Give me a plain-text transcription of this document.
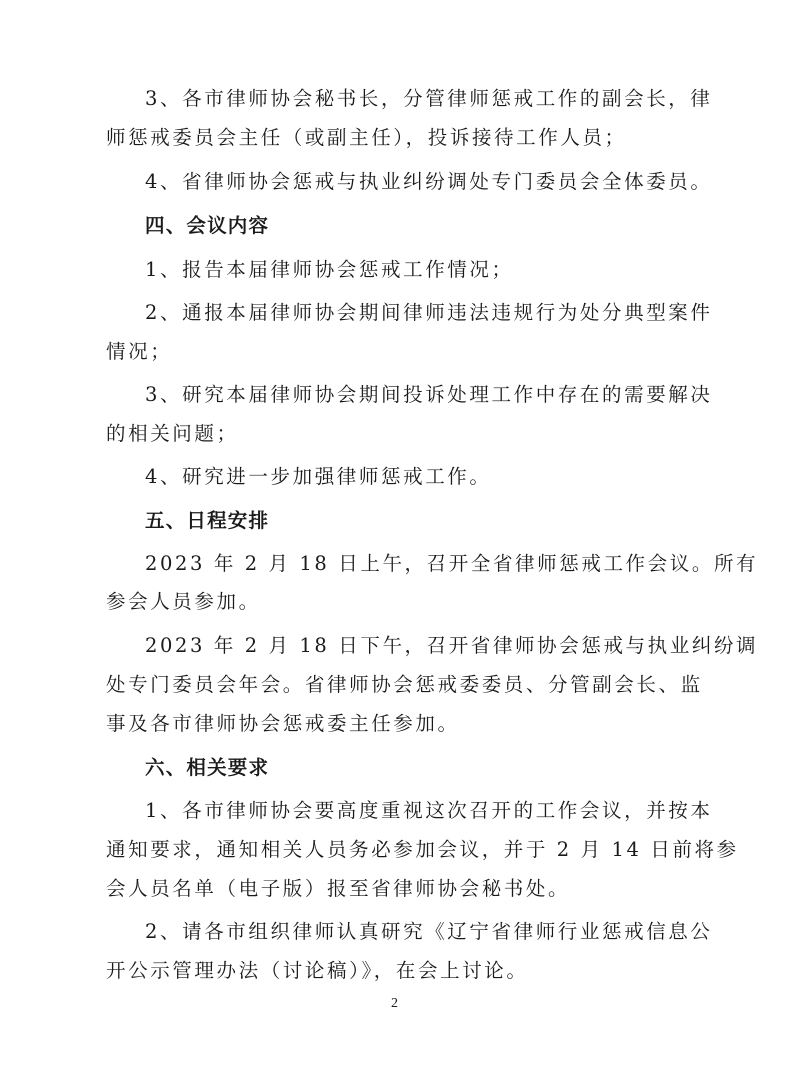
3、各市律师协会秘书长，分管律师惩戒工作的副会长，律
师惩戒委员会主任（或副主任），投诉接待工作人员；
4、省律师协会惩戒与执业纠纷调处专门委员会全体委员。
四、会议内容
1、报告本届律师协会惩戒工作情况；
2、通报本届律师协会期间律师违法违规行为处分典型案件
情况；
3、研究本届律师协会期间投诉处理工作中存在的需要解决
的相关问题；
4、研究进一步加强律师惩戒工作。
五、日程安排
2023 年 2 月 18 日上午，召开全省律师惩戒工作会议。所有
参会人员参加。
2023 年 2 月 18 日下午，召开省律师协会惩戒与执业纠纷调
处专门委员会年会。省律师协会惩戒委委员、分管副会长、监
事及各市律师协会惩戒委主任参加。
六、相关要求
1、各市律师协会要高度重视这次召开的工作会议，并按本
通知要求，通知相关人员务必参加会议，并于 2 月 14 日前将参
会人员名单（电子版）报至省律师协会秘书处。
2、请各市组织律师认真研究《辽宁省律师行业惩戒信息公
开公示管理办法（讨论稿）》，在会上讨论。
2
